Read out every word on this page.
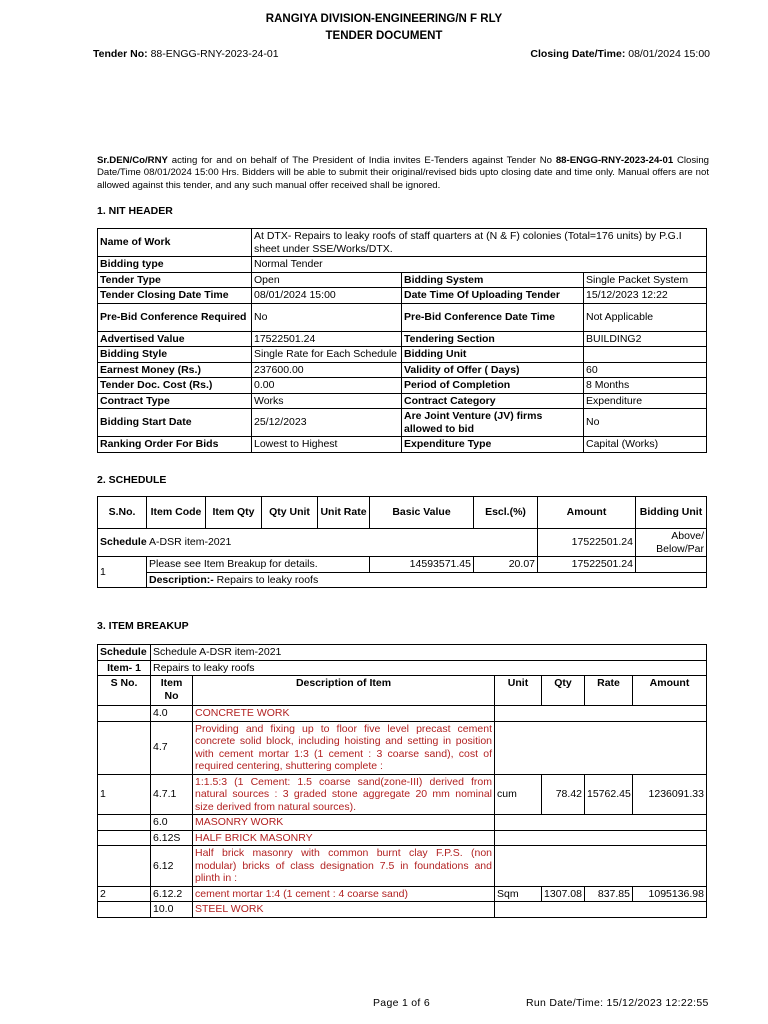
RANGIYA DIVISION-ENGINEERING/N F RLY
TENDER DOCUMENT
Tender No: 88-ENGG-RNY-2023-24-01	Closing Date/Time: 08/01/2024 15:00
Sr.DEN/Co/RNY acting for and on behalf of The President of India invites E-Tenders against Tender No 88-ENGG-RNY-2023-24-01 Closing Date/Time 08/01/2024 15:00 Hrs. Bidders will be able to submit their original/revised bids upto closing date and time only. Manual offers are not allowed against this tender, and any such manual offer received shall be ignored.
1. NIT HEADER
Name of Work	At DTX- Repairs to leaky roofs of staff quarters at (N & F) colonies (Total=176 units) by P.G.I sheet under SSE/Works/DTX.		
Bidding type	Normal Tender		
Tender Type	Open	Bidding System	Single Packet System
Tender Closing Date Time	08/01/2024 15:00	Date Time Of Uploading Tender	15/12/2023 12:22
Pre-Bid Conference Required	No	Pre-Bid Conference Date Time	Not Applicable
Advertised Value	17522501.24	Tendering Section	BUILDING2
Bidding Style	Single Rate for Each Schedule	Bidding Unit	
Earnest Money (Rs.)	237600.00	Validity of Offer ( Days)	60
Tender Doc. Cost (Rs.)	0.00	Period of Completion	8 Months
Contract Type	Works	Contract Category	Expenditure
Bidding Start Date	25/12/2023	Are Joint Venture (JV) firms allowed to bid	No
Ranking Order For Bids	Lowest to Highest	Expenditure Type	Capital (Works)
2. SCHEDULE
S.No.	Item Code	Item Qty	Qty Unit	Unit Rate	Basic Value	Escl.(%)	Amount	Bidding Unit
Schedule A-DSR item-2021							17522501.24	Above/ Below/Par
1	Please see Item Breakup for details.				14593571.45	20.07	17522501.24	
	Description:- Repairs to leaky roofs							
3. ITEM BREAKUP
Schedule	Schedule A-DSR item-2021					
Item- 1	Repairs to leaky roofs					
S No.	Item No	Description of Item	Unit	Qty	Rate	Amount
	4.0	CONCRETE WORK				
	4.7	Providing and fixing up to floor five level precast cement concrete solid block, including hoisting and setting in position with cement mortar 1:3 (1 cement : 3 coarse sand), cost of required centering, shuttering complete :				
1	4.7.1	1:1.5:3 (1 Cement: 1.5 coarse sand(zone-III) derived from natural sources : 3 graded stone aggregate 20 mm nominal size derived from natural sources).	cum	78.42	15762.45	1236091.33
	6.0	MASONRY WORK				
	6.12S	HALF BRICK MASONRY				
	6.12	Half brick masonry with common burnt clay F.P.S. (non modular) bricks of class designation 7.5 in foundations and plinth in :				
2	6.12.2	cement mortar 1:4 (1 cement : 4 coarse sand)	Sqm	1307.08	837.85	1095136.98
	10.0	STEEL WORK				
Page 1 of 6	Run Date/Time: 15/12/2023 12:22:55
